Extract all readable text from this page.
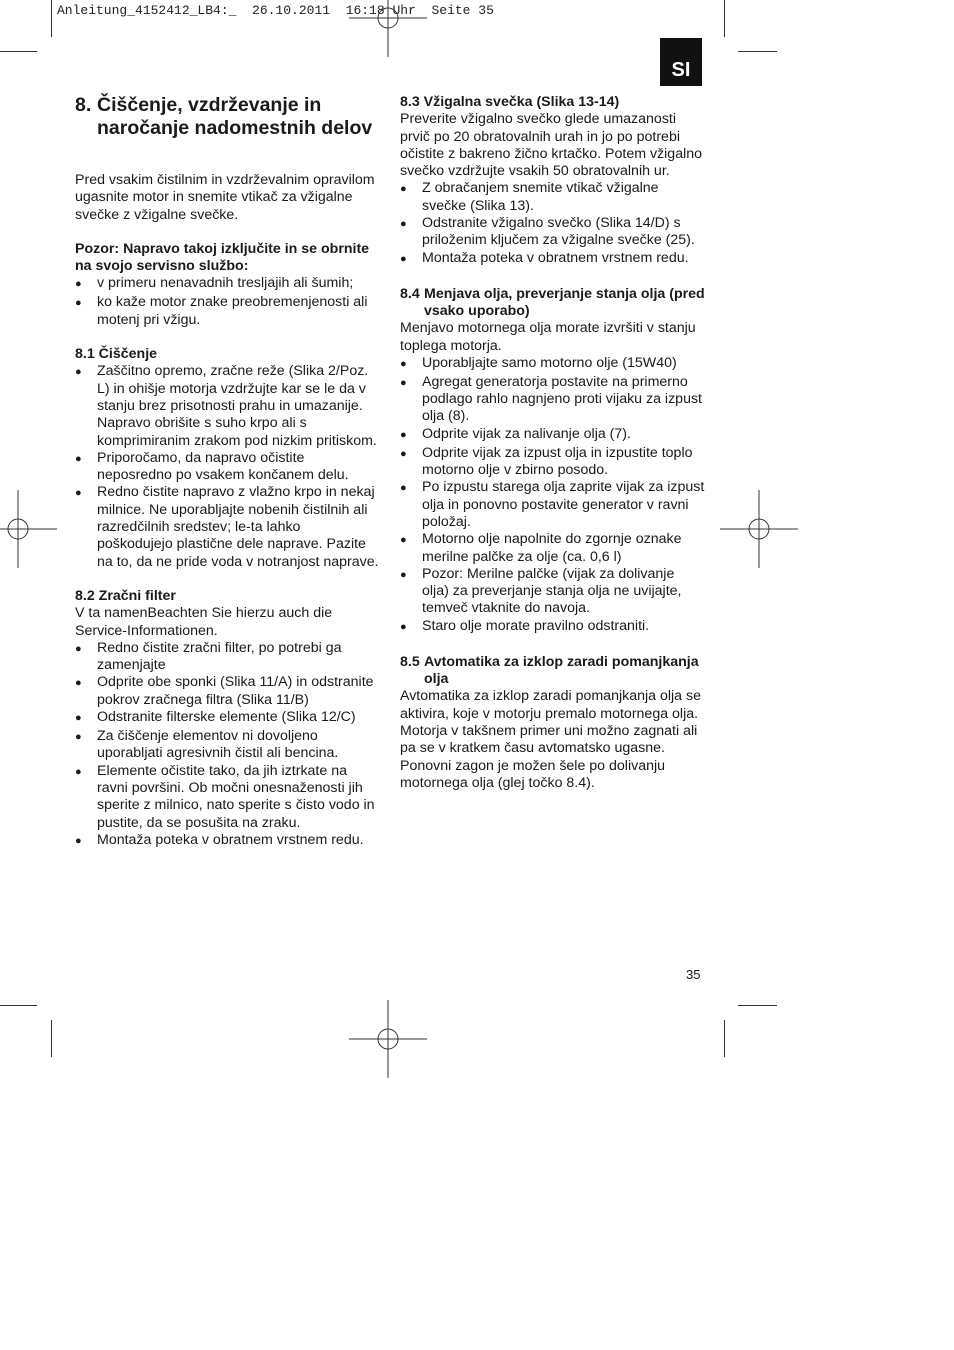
Anleitung_4152412_LB4:_  26.10.2011  16:18 Uhr  Seite 35
SI
8. Čiščenje, vzdrževanje in naročanje nadomestnih delov

Pred vsakim čistilnim in vzdrževalnim opravilom ugasnite motor in snemite vtikač za vžigalne svečke z vžigalne svečke.

Pozor: Napravo takoj izključite in se obrnite na svojo servisno službo:

●	v primeru nenavadnih tresljajih ali šumih;
●	ko kaže motor znake preobremenjenosti ali motenj pri vžigu.
8.1 Čiščenje
●	Zaščitno opremo, zračne reže (Slika 2/Poz. L) in ohišje motorja vzdržujte kar se le da v stanju brez prisotnosti prahu in umazanije. Napravo obrišite s suho krpo ali s komprimiranim zrakom pod nizkim pritiskom.
●	Priporočamo, da napravo očistite neposredno po vsakem končanem delu.
●	Redno čistite napravo z vlažno krpo in nekaj milnice. Ne uporabljajte nobenih čistilnih ali razredčilnih sredstev; le-ta lahko poškodujejo plastične dele naprave. Pazite na to, da ne pride voda v notranjost naprave.
8.2 Zračni filter

V ta namenBeachten Sie hierzu auch die Service-Informationen.

●	Redno čistite zračni filter, po potrebi ga zamenjajte
●	Odprite obe sponki (Slika 11/A) in odstranite pokrov zračnega filtra (Slika 11/B)
●	Odstranite filterske elemente (Slika 12/C)
●	Za čiščenje elementov ni dovoljeno uporabljati agresivnih čistil ali bencina.
●	Elemente očistite tako, da jih iztrkate na ravni površini. Ob močni onesnaženosti jih sperite z milnico, nato sperite s čisto vodo in pustite, da se posušita na zraku.
●	Montaža poteka v obratnem vrstnem redu.
8.3 Vžigalna svečka (Slika 13-14)

Preverite vžigalno svečko glede umazanosti prvič po 20 obratovalnih urah in jo po potrebi očistite z bakreno žično krtačko. Potem vžigalno svečko vzdržujte vsakih 50 obratovalnih ur.

●	Z obračanjem snemite vtikač vžigalne svečke (Slika 13).
●	Odstranite vžigalno svečko (Slika 14/D) s priloženim ključem za vžigalne svečke (25).
●	Montaža poteka v obratnem vrstnem redu.
8.4 Menjava olja, preverjanje stanja olja (pred vsako uporabo)

Menjavo motornega olja morate izvršiti v stanju toplega motorja.

●	Uporabljajte samo motorno olje (15W40)
●	Agregat generatorja postavite na primerno podlago rahlo nagnjeno proti vijaku za izpust olja (8).
●	Odprite vijak za nalivanje olja (7).
●	Odprite vijak za izpust olja in izpustite toplo motorno olje v zbirno posodo.
●	Po izpustu starega olja zaprite vijak za izpust olja in ponovno postavite generator v ravni položaj.
●	Motorno olje napolnite do zgornje oznake merilne palčke za olje (ca. 0,6 l)
●	Pozor: Merilne palčke (vijak za dolivanje olja) za preverjanje stanja olja ne uvijajte, temveč vtaknite do navoja.
●	Staro olje morate pravilno odstraniti.
8.5 Avtomatika za izklop zaradi pomanjkanja olja

Avtomatika za izklop zaradi pomanjkanja olja se aktivira, koje v motorju premalo motornega olja. Motorja v takšnem primer uni možno zagnati ali pa se v kratkem času avtomatsko ugasne. Ponovni zagon je možen šele po dolivanju motornega olja (glej točko 8.4).

35
